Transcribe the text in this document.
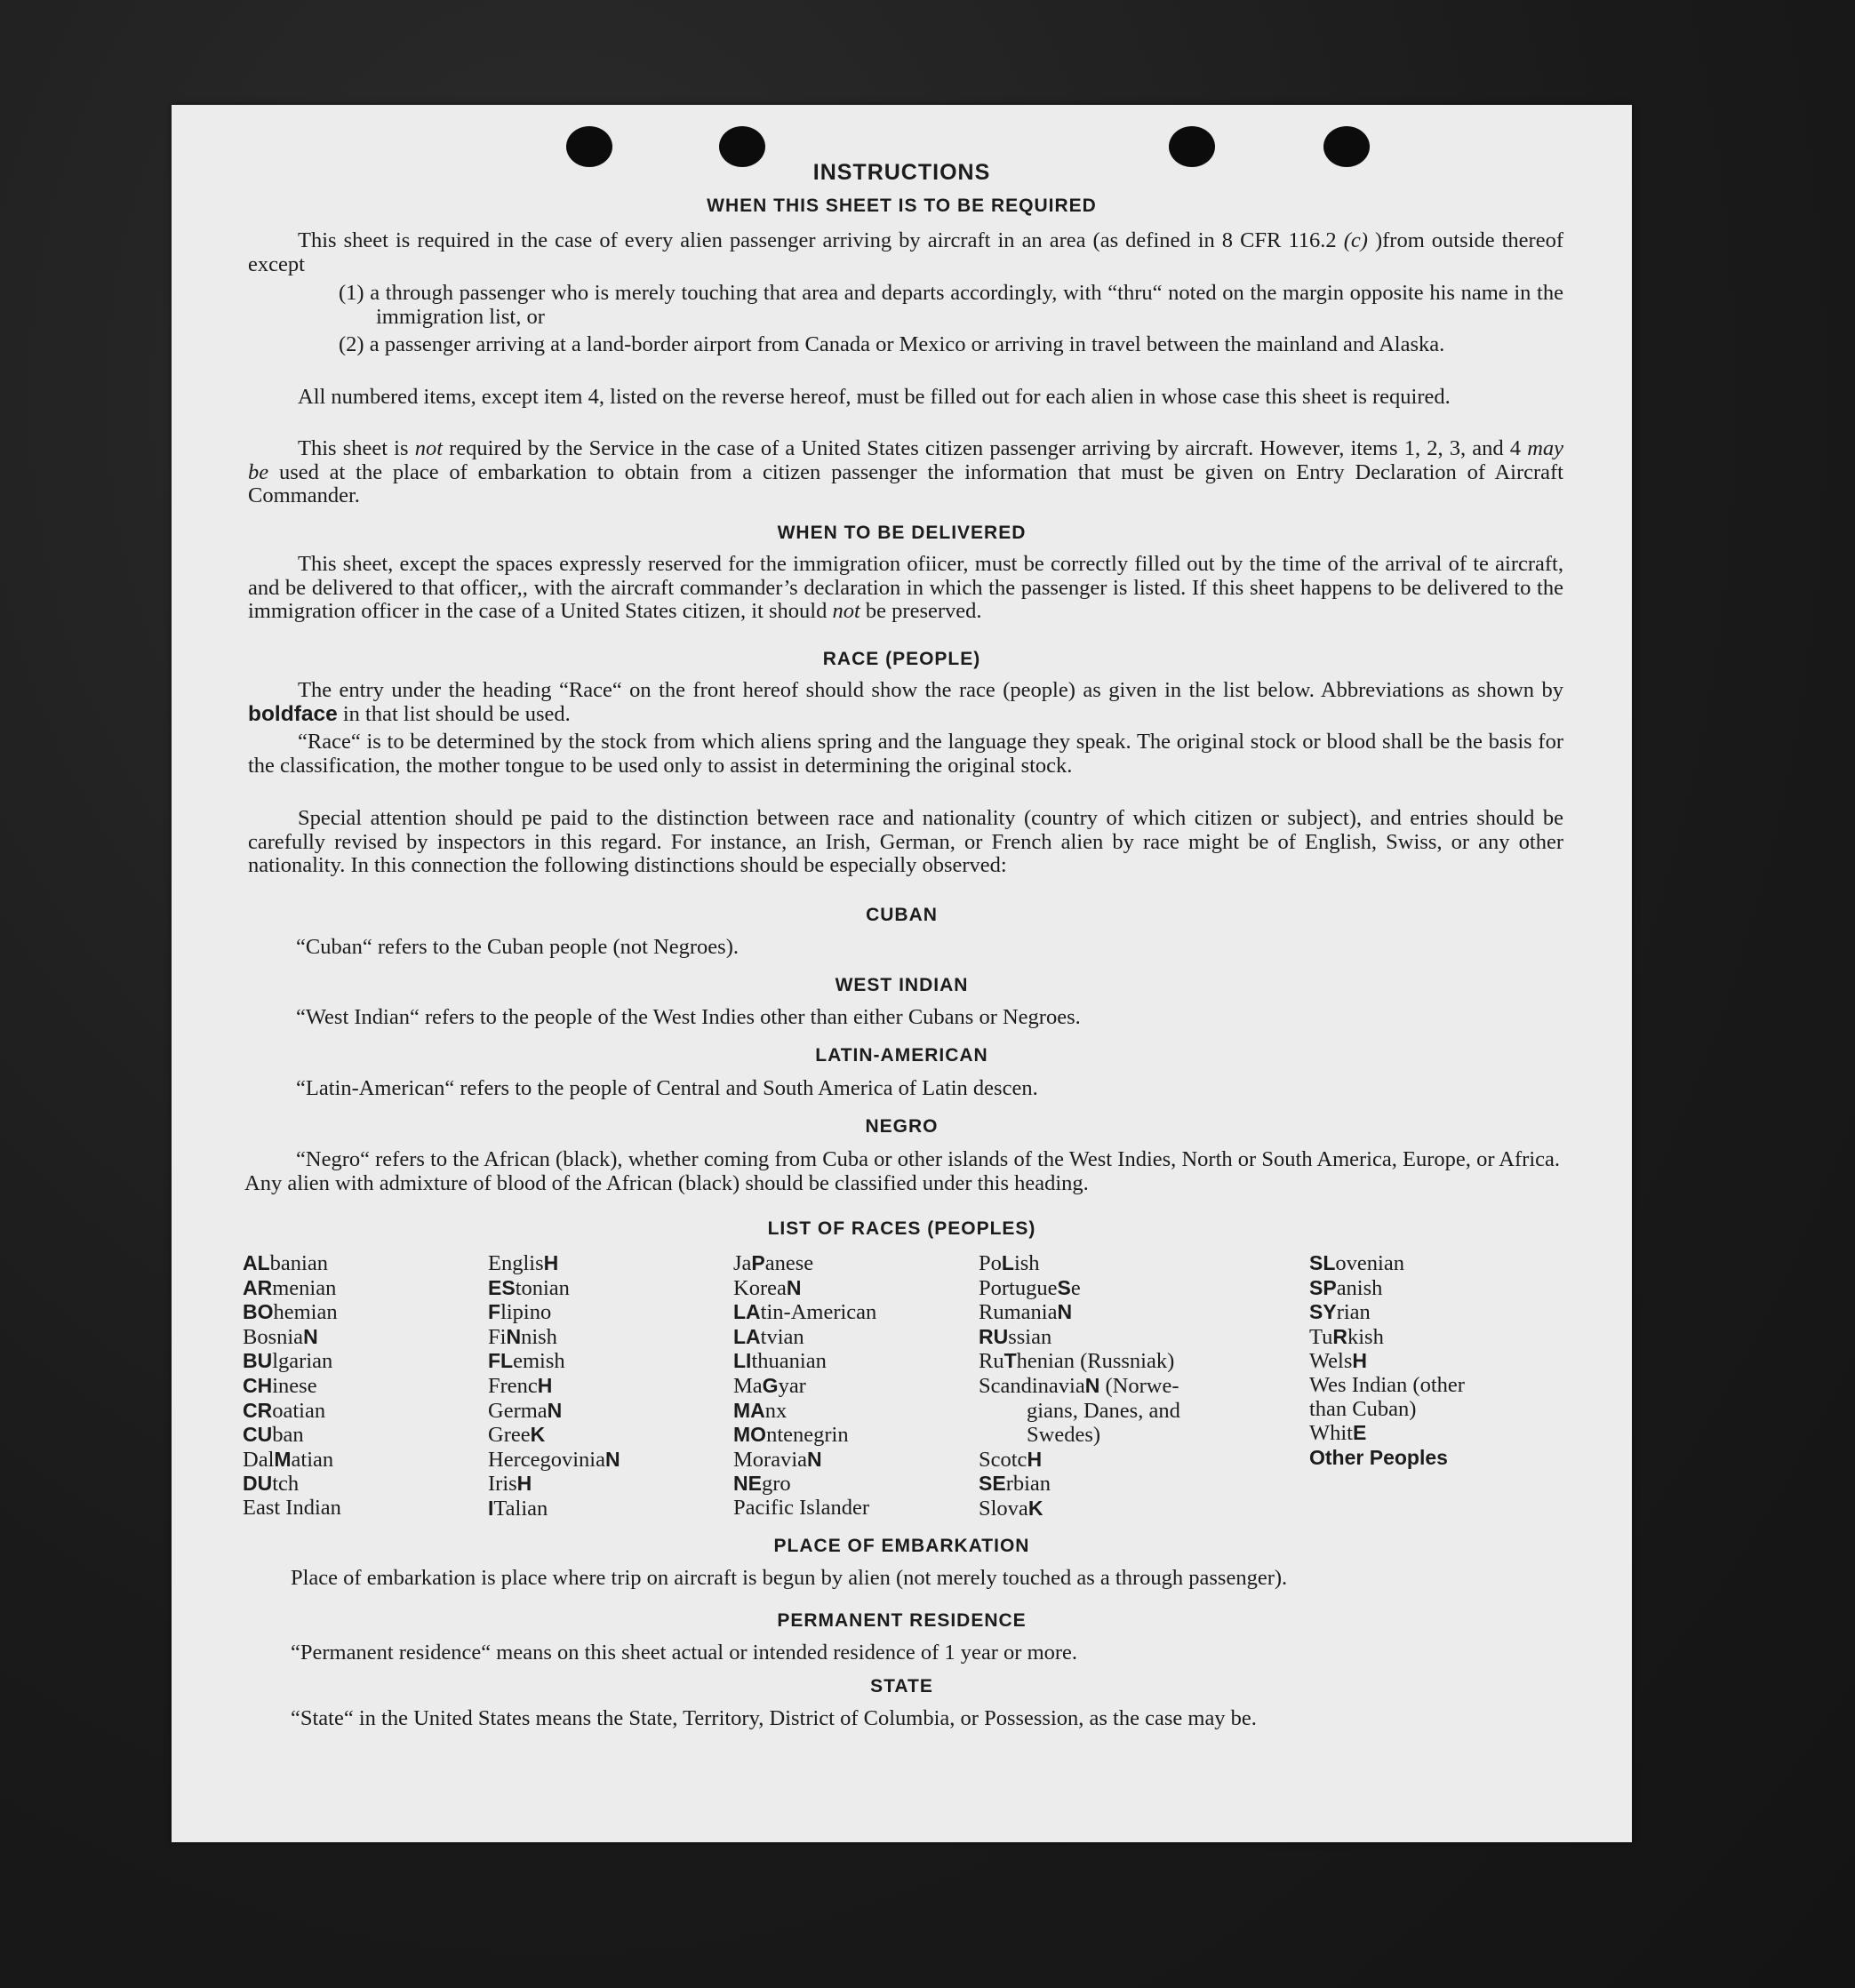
INSTRUCTIONS
WHEN THIS SHEET IS TO BE REQUIRED
This sheet is required in the case of every alien passenger arriving by aircraft in an area (as defined in 8 CFR 116.2 (c) )from outside thereof except
(1) a through passenger who is merely touching that area and departs accordingly, with “thru“ noted on the margin opposite his name in the immigration list, or
(2) a passenger arriving at a land-border airport from Canada or Mexico or arriving in travel between the mainland and Alaska.
All numbered items, except item 4, listed on the reverse hereof, must be filled out for each alien in whose case this sheet is required.
This sheet is not required by the Service in the case of a United States citizen passenger arriving by aircraft. However, items 1, 2, 3, and 4 may be used at the place of embarkation to obtain from a citizen passenger the information that must be given on Entry Declaration of Aircraft Commander.
WHEN TO BE DELIVERED
This sheet, except the spaces expressly reserved for the immigration ofiicer, must be correctly filled out by the time of the arrival of te aircraft, and be delivered to that officer,, with the aircraft commander’s declaration in which the passenger is listed. If this sheet happens to be delivered to the immigration officer in the case of a United States citizen, it should not be preserved.
RACE (PEOPLE)
The entry under the heading “Race“ on the front hereof should show the race (people) as given in the list below. Abbreviations as shown by boldface in that list should be used.
“Race“ is to be determined by the stock from which aliens spring and the language they speak. The original stock or blood shall be the basis for the classification, the mother tongue to be used only to assist in determining the original stock.
Special attention should pe paid to the distinction between race and nationality (country of which citizen or subject), and entries should be carefully revised by inspectors in this regard. For instance, an Irish, German, or French alien by race might be of English, Swiss, or any other nationality. In this connection the following distinctions should be especially observed:
CUBAN
“Cuban“ refers to the Cuban people (not Negroes).
WEST INDIAN
“West Indian“ refers to the people of the West Indies other than either Cubans or Negroes.
LATIN-AMERICAN
“Latin-American“ refers to the people of Central and South America of Latin descen.
NEGRO
“Negro“ refers to the African (black), whether coming from Cuba or other islands of the West Indies, North or South America, Europe, or Africa. Any alien with admixture of blood of the African (black) should be classified under this heading.
LIST OF RACES (PEOPLES)
ALbanian
ARmenian
BOhemian
BosniaN
BUlgarian
CHinese
CRoatian
CUban
DalMatian
DUtch
East Indian
EnglisH
EStonian
Flipino
FiNnish
FLemish
FrencH
GermaN
GreeK
HercegoviniaN
IrisH
ITalian
JaPanese
KoreaN
LAtin-American
LAtvian
LIthuanian
MaGyar
MAnx
MOntenegrin
MoraviaN
NEgro
Pacific Islander
PoLish
PortugueSe
RumaniaN
RUssian
RuThenian (Russniak)
ScandinaviaN (Norwe-
gians, Danes, and
Swedes)
ScotcH
SErbian
SlovaK
SLovenian
SPanish
SYrian
TuRkish
WelsH
Wes Indian (other
than Cuban)
WhitE
Other Peoples
PLACE OF EMBARKATION
Place of embarkation is place where trip on aircraft is begun by alien (not merely touched as a through passenger).
PERMANENT RESIDENCE
“Permanent residence“ means on this sheet actual or intended residence of 1 year or more.
STATE
“State“ in the United States means the State, Territory, District of Columbia, or Possession, as the case may be.
